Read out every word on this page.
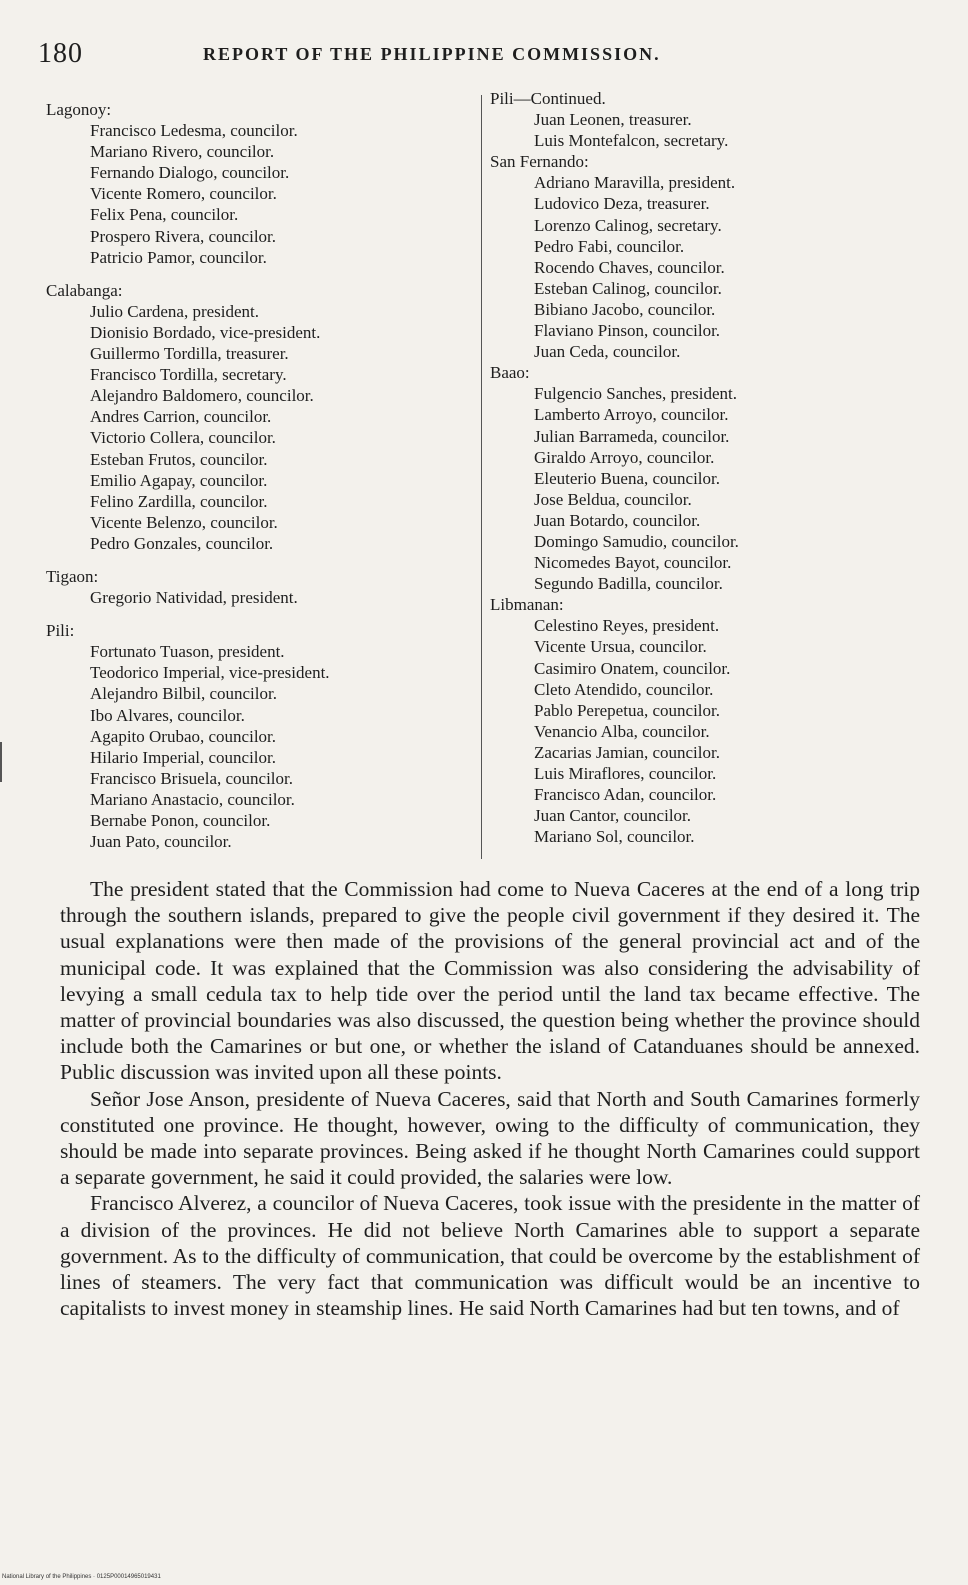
180	REPORT OF THE PHILIPPINE COMMISSION.
Lagonoy:
Francisco Ledesma, councilor.
Mariano Rivero, councilor.
Fernando Dialogo, councilor.
Vicente Romero, councilor.
Felix Pena, councilor.
Prospero Rivera, councilor.
Patricio Pamor, councilor.
Calabanga:
Julio Cardena, president.
Dionisio Bordado, vice-president.
Guillermo Tordilla, treasurer.
Francisco Tordilla, secretary.
Alejandro Baldomero, councilor.
Andres Carrion, councilor.
Victorio Collera, councilor.
Esteban Frutos, councilor.
Emilio Agapay, councilor.
Felino Zardilla, councilor.
Vicente Belenzo, councilor.
Pedro Gonzales, councilor.
Tigaon:
Gregorio Natividad, president.
Pili:
Fortunato Tuason, president.
Teodorico Imperial, vice-president.
Alejandro Bilbil, councilor.
Ibo Alvares, councilor.
Agapito Orubao, councilor.
Hilario Imperial, councilor.
Francisco Brisuela, councilor.
Mariano Anastacio, councilor.
Bernabe Ponon, councilor.
Juan Pato, councilor.
Pili—Continued.
Juan Leonen, treasurer.
Luis Montefalcon, secretary.
San Fernando:
Adriano Maravilla, president.
Ludovico Deza, treasurer.
Lorenzo Calinog, secretary.
Pedro Fabi, councilor.
Rocendo Chaves, councilor.
Esteban Calinog, councilor.
Bibiano Jacobo, councilor.
Flaviano Pinson, councilor.
Juan Ceda, councilor.
Baao:
Fulgencio Sanches, president.
Lamberto Arroyo, councilor.
Julian Barrameda, councilor.
Giraldo Arroyo, councilor.
Eleuterio Buena, councilor.
Jose Beldua, councilor.
Juan Botardo, councilor.
Domingo Samudio, councilor.
Nicomedes Bayot, councilor.
Segundo Badilla, councilor.
Libmanan:
Celestino Reyes, president.
Vicente Ursua, councilor.
Casimiro Onatem, councilor.
Cleto Atendido, councilor.
Pablo Perepetua, councilor.
Venancio Alba, councilor.
Zacarias Jamian, councilor.
Luis Miraflores, councilor.
Francisco Adan, councilor.
Juan Cantor, councilor.
Mariano Sol, councilor.

The president stated that the Commission had come to Nueva Caceres at the end of a long trip through the southern islands, prepared to give the people civil government if they desired it. The usual explanations were then made of the provisions of the general provincial act and of the municipal code. It was explained that the Commission was also considering the advisability of levying a small cedula tax to help tide over the period until the land tax became effective. The matter of provincial boundaries was also discussed, the question being whether the province should include both the Camarines or but one, or whether the island of Catanduanes should be annexed. Public discussion was invited upon all these points.

Señor Jose Anson, presidente of Nueva Caceres, said that North and South Camarines formerly constituted one province. He thought, however, owing to the difficulty of communication, they should be made into separate provinces. Being asked if he thought North Camarines could support a separate government, he said it could provided, the salaries were low.

Francisco Alverez, a councilor of Nueva Caceres, took issue with the presidente in the matter of a division of the provinces. He did not believe North Camarines able to support a separate government. As to the difficulty of communication, that could be overcome by the establishment of lines of steamers. The very fact that communication was difficult would be an incentive to capitalists to invest money in steamship lines. He said North Camarines had but ten towns, and of

National Library of the Philippines · 0125P00014965019431
